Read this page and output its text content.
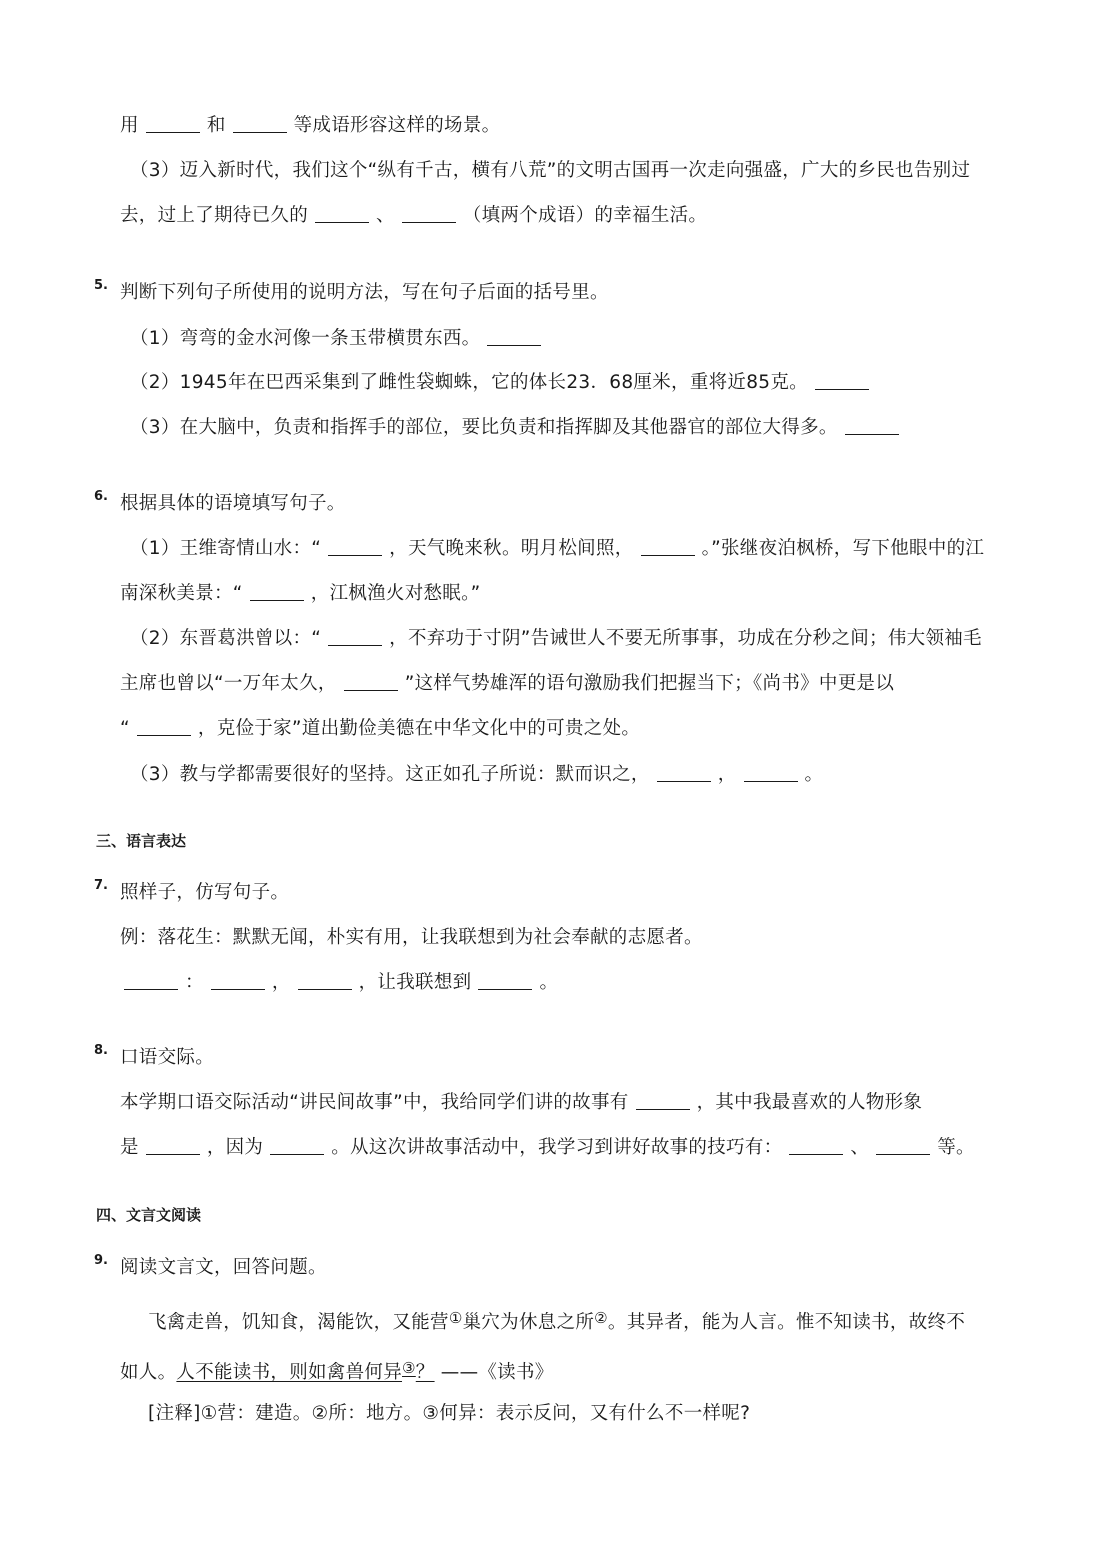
用	和	等成语形容这样的场景。
（3）迈入新时代，我们这个“纵有千古，横有八荒”的文明古国再一次走向强盛，广大的乡民也告别过
去，过上了期待已久的	、	（填两个成语）的幸福生活。
5. 判断下列句子所使用的说明方法，写在句子后面的括号里。
（1）弯弯的金水河像一条玉带横贯东西。
（2）1945年在巴西采集到了雌性袋蜘蛛，它的体长23．68厘米，重将近85克。
（3）在大脑中，负责和指挥手的部位，要比负责和指挥脚及其他器官的部位大得多。
6. 根据具体的语境填写句子。
（1）王维寄情山水：“	，天气晚来秋。明月松间照，	。”张继夜泊枫桥，写下他眼中的江
南深秋美景：“	，江枫渔火对愁眠。”
（2）东晋葛洪曾以：“	，不弃功于寸阴”告诫世人不要无所事事，功成在分秒之间；伟大领袖毛
主席也曾以“一万年太久，	”这样气势雄浑的语句激励我们把握当下；《尚书》中更是以
“	，克俭于家”道出勤俭美德在中华文化中的可贵之处。
（3）教与学都需要很好的坚持。这正如孔子所说：默而识之，	，	。
三、语言表达
7. 照样子，仿写句子。
例：落花生：默默无闻，朴实有用，让我联想到为社会奉献的志愿者。
：	，	，让我联想到	。
8. 口语交际。
本学期口语交际活动“讲民间故事”中，我给同学们讲的故事有	，其中我最喜欢的人物形象
是	，因为	。从这次讲故事活动中，我学习到讲好故事的技巧有：	、	等。
四、文言文阅读
9. 阅读文言文，回答问题。
飞禽走兽，饥知食，渴能饮，又能营①巢穴为休息之所②。其异者，能为人言。惟不知读书，故终不
如人。人不能读书，则如禽兽何异③？ ——《读书》
[注释]①营：建造。②所：地方。③何异：表示反问，又有什么不一样呢?
